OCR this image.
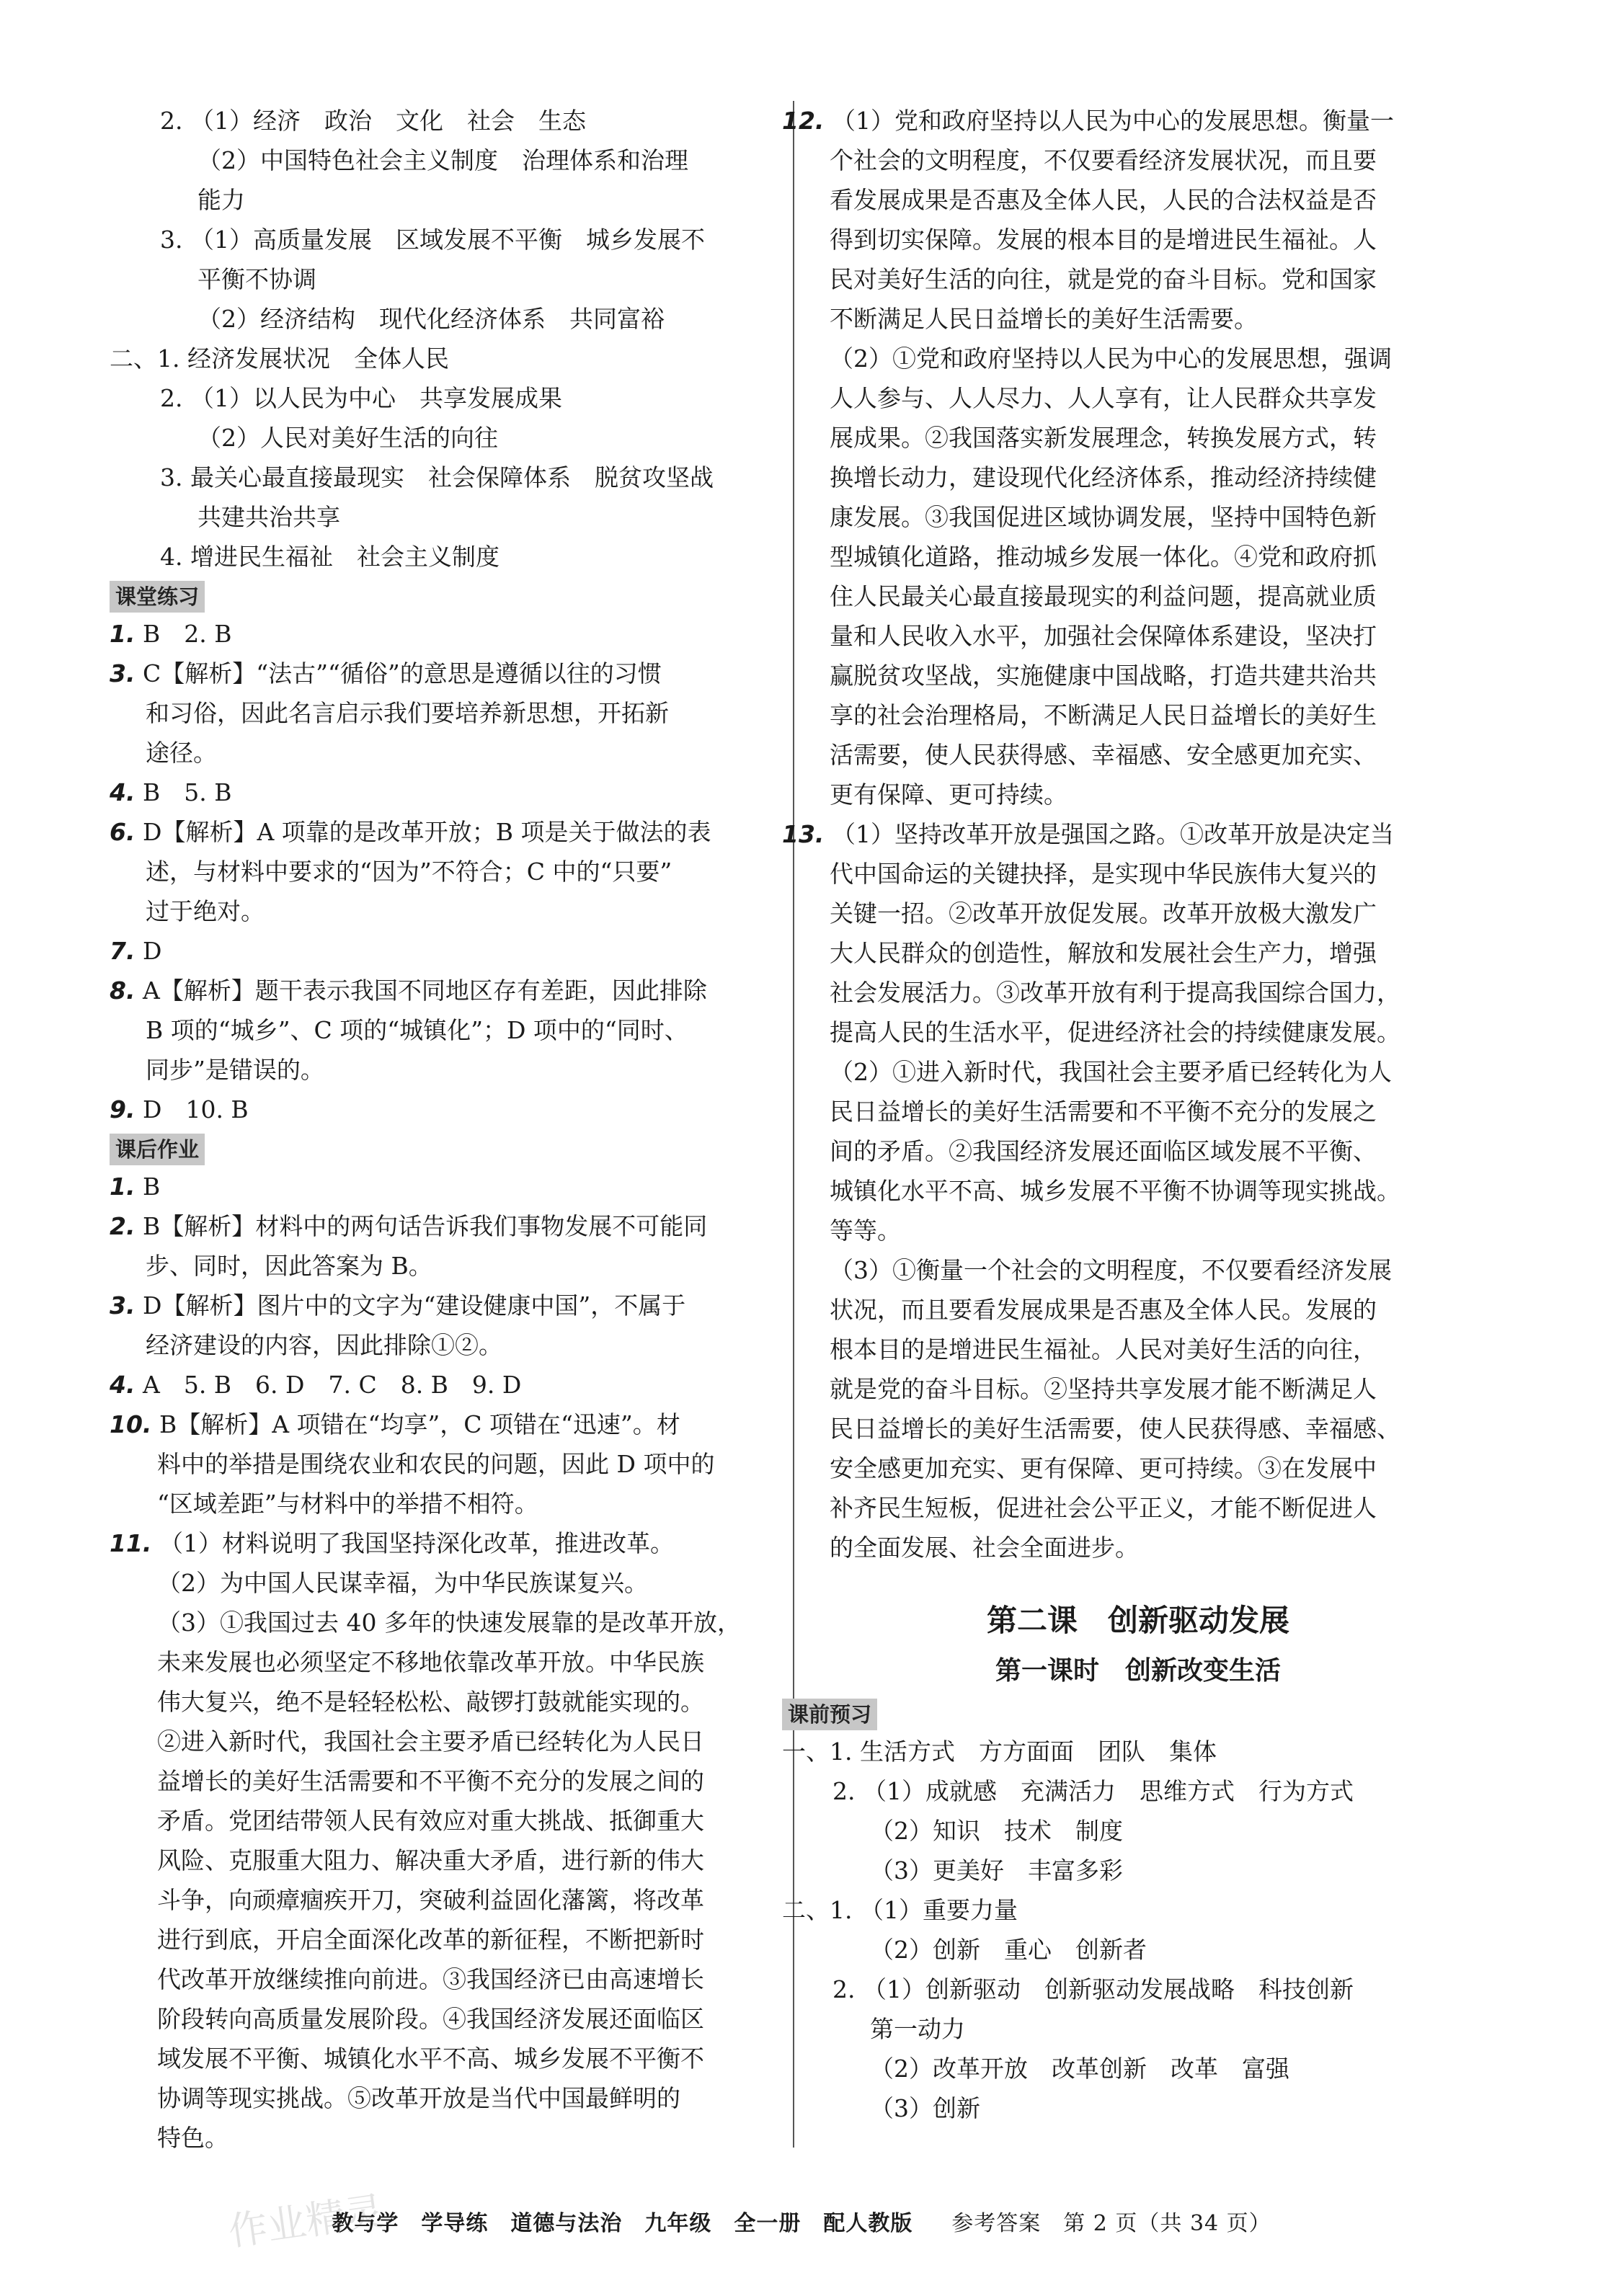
2. （1）经济　政治　文化　社会　生态
（2）中国特色社会主义制度　治理体系和治理
能力
3. （1）高质量发展　区域发展不平衡　城乡发展不
平衡不协调
（2）经济结构　现代化经济体系　共同富裕
二、1. 经济发展状况　全体人民
2. （1）以人民为中心　共享发展成果
（2）人民对美好生活的向往
3. 最关心最直接最现实　社会保障体系　脱贫攻坚战
共建共治共享
4. 增进民生福祉　社会主义制度
课堂练习
1. B　2. B
3. C【解析】“法古”“循俗”的意思是遵循以往的习惯
和习俗，因此名言启示我们要培养新思想，开拓新
途径。
4. B　5. B
6. D【解析】A 项靠的是改革开放；B 项是关于做法的表
述，与材料中要求的“因为”不符合；C 中的“只要”
过于绝对。
7. D
8. A【解析】题干表示我国不同地区存有差距，因此排除
B 项的“城乡”、C 项的“城镇化”；D 项中的“同时、
同步”是错误的。
9. D　10. B
课后作业
1. B
2. B【解析】材料中的两句话告诉我们事物发展不可能同
步、同时，因此答案为 B。
3. D【解析】图片中的文字为“建设健康中国”，不属于
经济建设的内容，因此排除①②。
4. A　5. B　6. D　7. C　8. B　9. D
10. B【解析】A 项错在“均享”，C 项错在“迅速”。材
料中的举措是围绕农业和农民的问题，因此 D 项中的
“区域差距”与材料中的举措不相符。
11. （1）材料说明了我国坚持深化改革，推进改革。
（2）为中国人民谋幸福，为中华民族谋复兴。
（3）①我国过去 40 多年的快速发展靠的是改革开放，
未来发展也必须坚定不移地依靠改革开放。中华民族
伟大复兴，绝不是轻轻松松、敲锣打鼓就能实现的。
②进入新时代，我国社会主要矛盾已经转化为人民日
益增长的美好生活需要和不平衡不充分的发展之间的
矛盾。党团结带领人民有效应对重大挑战、抵御重大
风险、克服重大阻力、解决重大矛盾，进行新的伟大
斗争，向顽瘴痼疾开刀，突破利益固化藩篱，将改革
进行到底，开启全面深化改革的新征程，不断把新时
代改革开放继续推向前进。③我国经济已由高速增长
阶段转向高质量发展阶段。④我国经济发展还面临区
域发展不平衡、城镇化水平不高、城乡发展不平衡不
协调等现实挑战。⑤改革开放是当代中国最鲜明的
特色。
12. （1）党和政府坚持以人民为中心的发展思想。衡量一
个社会的文明程度，不仅要看经济发展状况，而且要
看发展成果是否惠及全体人民，人民的合法权益是否
得到切实保障。发展的根本目的是增进民生福祉。人
民对美好生活的向往，就是党的奋斗目标。党和国家
不断满足人民日益增长的美好生活需要。
（2）①党和政府坚持以人民为中心的发展思想，强调
人人参与、人人尽力、人人享有，让人民群众共享发
展成果。②我国落实新发展理念，转换发展方式，转
换增长动力，建设现代化经济体系，推动经济持续健
康发展。③我国促进区域协调发展，坚持中国特色新
型城镇化道路，推动城乡发展一体化。④党和政府抓
住人民最关心最直接最现实的利益问题，提高就业质
量和人民收入水平，加强社会保障体系建设，坚决打
赢脱贫攻坚战，实施健康中国战略，打造共建共治共
享的社会治理格局，不断满足人民日益增长的美好生
活需要，使人民获得感、幸福感、安全感更加充实、
更有保障、更可持续。
13. （1）坚持改革开放是强国之路。①改革开放是决定当
代中国命运的关键抉择，是实现中华民族伟大复兴的
关键一招。②改革开放促发展。改革开放极大激发广
大人民群众的创造性，解放和发展社会生产力，增强
社会发展活力。③改革开放有利于提高我国综合国力，
提高人民的生活水平，促进经济社会的持续健康发展。
（2）①进入新时代，我国社会主要矛盾已经转化为人
民日益增长的美好生活需要和不平衡不充分的发展之
间的矛盾。②我国经济发展还面临区域发展不平衡、
城镇化水平不高、城乡发展不平衡不协调等现实挑战。
等等。
（3）①衡量一个社会的文明程度，不仅要看经济发展
状况，而且要看发展成果是否惠及全体人民。发展的
根本目的是增进民生福祉。人民对美好生活的向往，
就是党的奋斗目标。②坚持共享发展才能不断满足人
民日益增长的美好生活需要，使人民获得感、幸福感、
安全感更加充实、更有保障、更可持续。③在发展中
补齐民生短板，促进社会公平正义，才能不断促进人
的全面发展、社会全面进步。
第二课　创新驱动发展
第一课时　创新改变生活
课前预习
一、1. 生活方式　方方面面　团队　集体
2. （1）成就感　充满活力　思维方式　行为方式
（2）知识　技术　制度
（3）更美好　丰富多彩
二、1. （1）重要力量
（2）创新　重心　创新者
2. （1）创新驱动　创新驱动发展战略　科技创新
第一动力
（2）改革开放　改革创新　改革　富强
（3）创新
作业精灵
教与学　学导练　道德与法治　九年级　全一册　配人教版 　 参考答案　第 2 页（共 34 页）
